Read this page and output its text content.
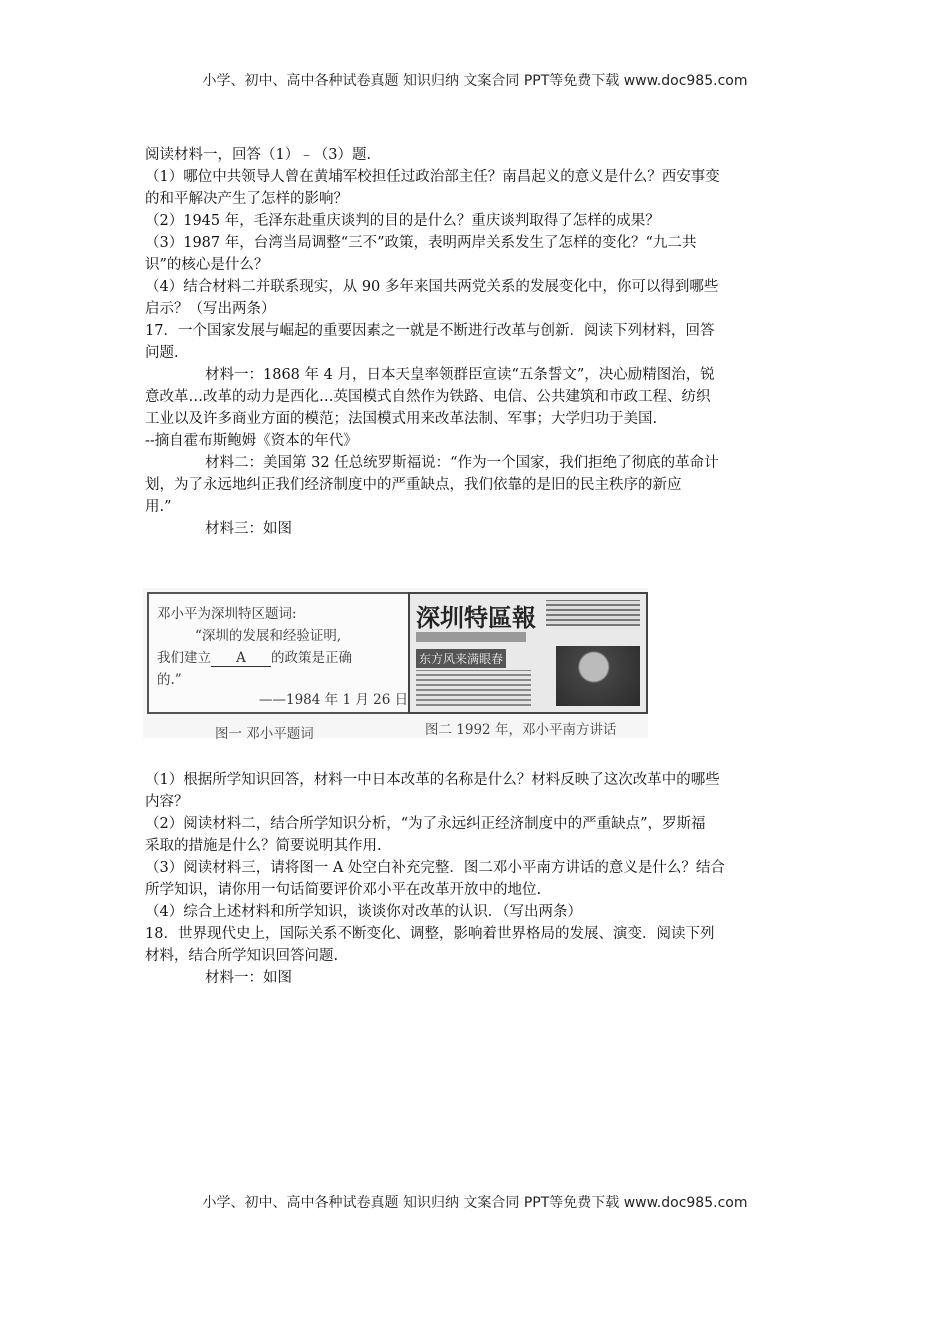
小学、初中、高中各种试卷真题 知识归纳 文案合同 PPT等免费下载 www.doc985.com
阅读材料一，回答（1）﹣（3）题.
（1）哪位中共领导人曾在黄埔军校担任过政治部主任？南昌起义的意义是什么？西安事变
的和平解决产生了怎样的影响？
（2）1945 年，毛泽东赴重庆谈判的目的是什么？重庆谈判取得了怎样的成果？
（3）1987 年，台湾当局调整“三不”政策，表明两岸关系发生了怎样的变化？“九二共
识”的核心是什么？
（4）结合材料二并联系现实，从 90 多年来国共两党关系的发展变化中，你可以得到哪些
启示？（写出两条）
17．一个国家发展与崛起的重要因素之一就是不断进行改革与创新．阅读下列材料，回答
问题.
材料一：1868 年 4 月，日本天皇率领群臣宣读“五条誓文”，决心励精图治，锐
意改革…改革的动力是西化…英国模式自然作为铁路、电信、公共建筑和市政工程、纺织
工业以及许多商业方面的模范；法国模式用来改革法制、军事；大学归功于美国.
--摘自霍布斯鲍姆《资本的年代》
材料二：美国第 32 任总统罗斯福说：“作为一个国家，我们拒绝了彻底的革命计
划，为了永远地纠正我们经济制度中的严重缺点，我们依靠的是旧的民主秩序的新应
用.”
材料三：如图
邓小平为深圳特区题词:
“深圳的发展和经验证明,
我们建立 A 的政策是正确
的.”
——1984 年 1 月 26 日
图一 邓小平题词
深圳特區報
东方风来满眼春
图二 1992 年，邓小平南方讲话
（1）根据所学知识回答，材料一中日本改革的名称是什么？材料反映了这次改革中的哪些
内容？
（2）阅读材料二，结合所学知识分析，“为了永远纠正经济制度中的严重缺点”，罗斯福
采取的措施是什么？简要说明其作用.
（3）阅读材料三，请将图一 A 处空白补充完整．图二邓小平南方讲话的意义是什么？结合
所学知识，请你用一句话简要评价邓小平在改革开放中的地位.
（4）综合上述材料和所学知识，谈谈你对改革的认识．（写出两条）
18．世界现代史上，国际关系不断变化、调整，影响着世界格局的发展、演变．阅读下列
材料，结合所学知识回答问题.
材料一：如图
小学、初中、高中各种试卷真题 知识归纳 文案合同 PPT等免费下载 www.doc985.com
